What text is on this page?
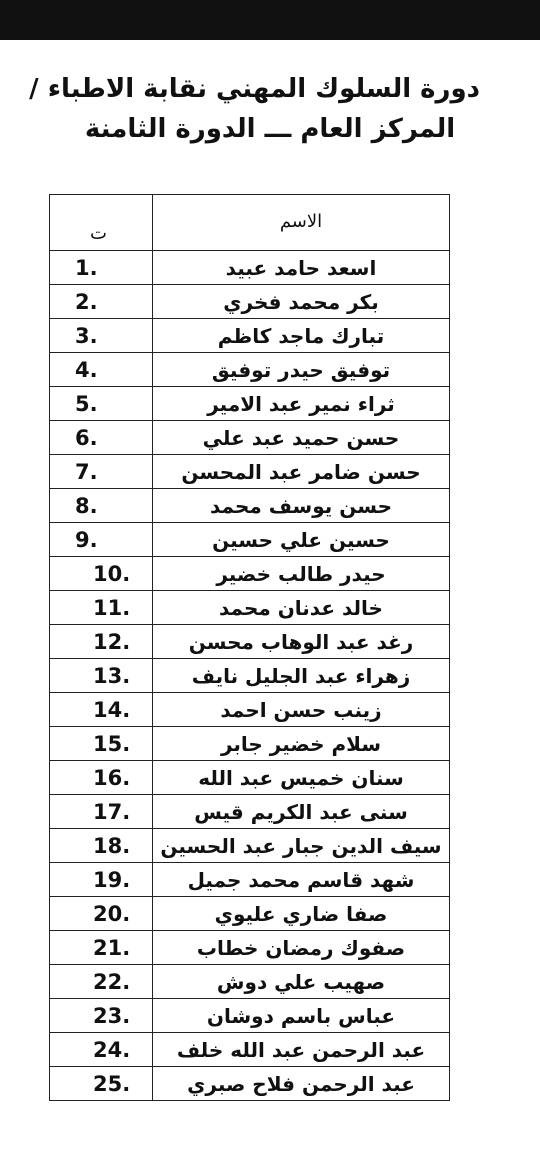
دورة السلوك المهني نقابة الاطباء /
المركز العام ـــ الدورة الثامنة
الاسم	ت
اسعد حامد عبيد	1.
بكر محمد فخري	2.
تبارك ماجد كاظم	3.
توفيق حيدر توفيق	4.
ثراء نمير عبد الامير	5.
حسن حميد عبد علي	6.
حسن ضامر عبد المحسن	7.
حسن يوسف محمد	8.
حسين علي حسين	9.
حيدر طالب خضير	10.
خالد عدنان محمد	11.
رغد عبد الوهاب محسن	12.
زهراء عبد الجليل نايف	13.
زينب حسن احمد	14.
سلام خضير جابر	15.
سنان خميس عبد الله	16.
سنى عبد الكريم قيس	17.
سيف الدين جبار عبد الحسين	18.
شهد قاسم محمد جميل	19.
صفا ضاري عليوي	20.
صفوك رمضان خطاب	21.
صهيب علي دوش	22.
عباس باسم دوشان	23.
عبد الرحمن عبد الله خلف	24.
عبد الرحمن فلاح صبري	25.
